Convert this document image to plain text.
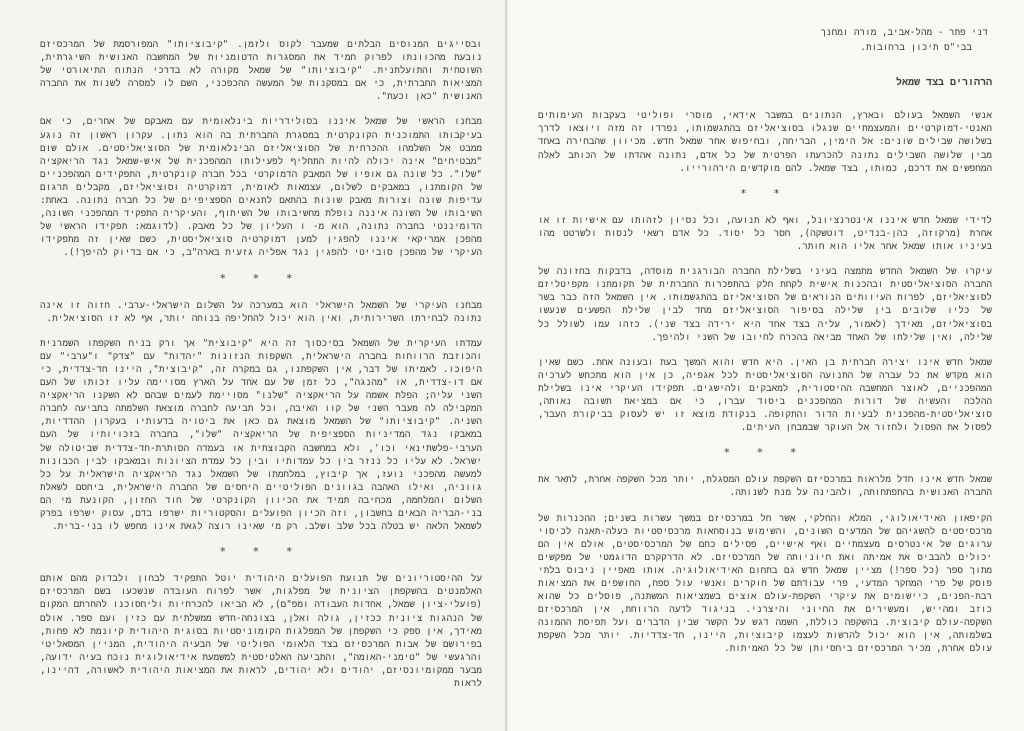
ובסייגים המנוסים הבלתים שמעבר לקוס ולזמן. "קיבוציותו" המפורסמת של המרכסיזם נובעת מהכוונתו לפרוק חמיד את המסגרות הדטומניות של המחשבה האנושית השיגרתית, השוטחית והתועלתנית. "קיבוציותו" של שמאל מקורה לא בדרכי הנתוח התיאורטי של המציאות החברתית, כי אם במסקנות של המעשה ההכפכני, השם לו למסרה לשנות את החברה האנושית "כאן וכעת".

מבחנו הראשי של שמאל איננו בסולידריות בינלאומית עם מאבקם של אחרים, כי אם בעיקבותו התמוכנית הקונקרטית במסגרת החברתית בה הוא נתון. עקרון ראשון זה נוגע ממבט אל השלמהו ההכרחית של הסוציאליזם הבינלאומית של הסוציאליסטים. אולם שום "מבטיחים" אינה יכולה להיות התחליף לפעילותו המהפכנית של איש-שמאל נגד הריאקציה "שלו". כל שונה גם אופיו של המאבק הדמוקרטי בכל חברה קונקרטית, התפקידים המהפכניים של הקומתנו, במאבקים לשלום, עצמאות לאומית, דמוקרטיה וסוציאליזם, מקבלים תרגום עדיפות שונה וצורות מאבק שונות בהתאם לתנאים הספציפיים של כל חברה נתונה. באחת: השיבותו של השונה איננה נופלת מחשיבותו של השיתוף, והעיקריה התפקיד המהפכני השונה, הדומיננטי בחברה נתונה, הוא מ- ו העליון של כל מאבק. (לדוגמא: תפקידו הראשי של מהפכן אמריקאי איננו להפגין למען דמוקרטיה סוציאליסטית, כשם שאין זה מתפקידו העיקרי של מהפכן סובייטי להפגין נגד אפליה גזעית בארה"ב, כי אם בדיוק להיפך!).

* * *

מבחנו העיקרי של השמאל הישראלי הוא במערכה על השלום הישראלי-ערבי. חזוה זו אינה נתונה לבחירתו השרירותית, ואין הוא יכול להחליפה בנוחה יותר, אף לא זו הסוציאלית.

עמדתו העיקרית של השמאל בסיכסוך זה היא "קיבוצית" אך ורק בניח השקפתו השמרנית והכוזבת הרווחות בחברה הישראלית, השקפות הנזונות "יהדות" עם "צדק" ו"ערבי" עם היפוכו. לאמיתו של דבר, אין השקפתנו, גם במקרה זה, "קיבוצית", היינו חד-צדדית, כי אם דו-צדדית, או "מהנגה", כל זמן של עם אחד על הארץ מסויימה עליו זכותו של העם השני עליה; הפלת אשמה על הריאקציה "שלנו" מסויימת לעמים שבהם לא השקנו הריאקציה המקבילה לה מעבר השני של קוו האיבה, וכל תביעה לחברה מוצאת השלמתה בתביעה לחברה השניה. "קיבוציותו" של השמאל מוצאת גם כאן את ביטויה בדעותיו בעקרון ההדדיות, במאבקו נגד המדיניות הספציפית של הריאקציה "שלו", בחברה בזכויותיו של העם הערבי-פלשתינאי וכו', ולא במחשבה הקבוצתית או בעמדה הסותרת-חד-צדדית שביטולה של ישראל. לא עליו כל ננזר בין כל עמדותיו ובין כל עמדת הציונות ובמאבקו לבין הכבונות למעשה מהפכני נועז, אך קיבוץ, במלחמתו של השמאל נגד הריאקציה הישראלית על כל גווניה, ואילו האהבה בגוונים הפוליטיים היחסים של החברה הישראלית, ביחסם לשאלת השלום והמלחמה, מכחיבה תמיד את הכיוון הקונקרטי של חוד החזון, הקונעת מי הם בני-הבריה הבאים בחשבון, וזה הכיון הפועלים והסקטוריות ישרפו בדם, עסוק ישרפו בפרק לשמאל הלאה יש בטלה בכל שלב ושלב. רק מי שאינו רוצה לגאת אינו מחפש לו בני-ברית.

* * *

על ההיסטוריונים של תנועת הפועלים היהודית יוטל התפקיד לבחון ולבדוק מהם אותם האלמנטים בהשקפתן הציונית של מפלגות, אשר לפרוח העובדה שנשכעו בשם המרכסיזם (פועלי-ציון שמאל, אחדות העבודה ומפ"ם), לא הביאו להכרחיות וליחסוכנו להחרתם המקום של הנהגות ציונית ככזין, גולה ואלן, בצונחה-חדש ממשלתית עם כזין ועם ספר. אולם מאידך, אין ספק כי השקפתן של המפלגות הקומוניסטיות בסוגית היהודית קיונמת לא פחות, בפירושם של אבות המרכסיזם בצד הלאומי הפוליטי של הבעיה היהודית, המניין המסאליטי והרגעשי של "טימני-האומה", והתביעה האלטיסטית למשמעת אידיאולוגית נוכח בעיה ידועה, מבער ממקומיונסיזם, יהודים ולא יהודים, לראות את המציאות היהודית לאשורה, דהיינו, לראות

דני פתר - מהל-אביב, מורה ומחנך
בבי"ס תיכון ברחובות.
הרהורים בצד שמאל

אנשי השמאל בעולם ובארץ, הנתונים במשבר אידאי, מוסרי ופוליטי בעקבות העימותים האנטי-דמוקרטיים והמעצמתיים שנגלו בסוציאליזם בהתגשמותו, נפרדו זה מזה ויוצאו לדרך בשלושה שבילים שונים: אל הימין, הבריחה, ובחיפוש אחר שמאל חדש. מכיוון שהבחירה באחד מבין שלושה השבילים נתונה להכרעתו הפרטית של כל אדם, נתונה אהדתו של הכותב לאלה המחפשים את דרכם, כמותו, בצד שמאל. להם מוקדשים הירהורייו.

* *

לדידי שמאל חדש איננו אינטרנציונל, ואף לא תנועה, וכל נסיון לזהותו עם אישיות זו או אחרת (מרקוזה, כהן-בנדיט, דוטשקה), חסר כל יסוד. כל אדם רשאי לנסות ולשרטט מהו בעיניו אותו שמאל אחר אליו הוא חותר.

עיקרו של השמאל החדש מתמצה בעיני בשלילת החברה הבורגנית מוסדה, בדבקות בחזונה של החברה הסוציאליסטית ובהכנות אישית לקחת חלק בהתפכרות החברתית של תקומתנו מקפיטליזם לסוציאליזם, לפרות העיוותים הנוראים של הסוציאליזם בהתגשמותו. אין השמאל הזה כבר בשר של כליו שלובים בין שלילה בסיפור הסוציאליזם מחד לבין שלילת הפשעים שנעשו בסוציאליזם, מאידך (לאמור, עליה בצד אחד היא ירידה בצד שני). כזהו עמו לשולל כל שלילה, ואין שלילתו של האחד מביאה בהכרח לחיובו של השני ולהיפך.

שמאל חדש אינו יצירה חברתית בן האין. היא חדש והוא המשך בעת ובעונה אחת. כשם שאין הוא מקדש את כל עברה של התנועה הסוציאליסטית לכל אגפיה, כן אין הוא מתכחש לערכיה המהפכניים, לאוצר המחשבה ההיסטורית, למאבקים ולהישגים. תפקידו העיקרי אינו בשלילת ההלכה והעשיה של דורות המהפכנים ביסוד עברו, כי אם במציאת תשובה נאותה, סוציאליסטית-מהפכנית לבעיות הדור והתקופה. בנקודת מוצא זו יש לעסוק בביקורת העבר, לפסול את הפסול ולחזור אל העוקר שבמבחן העיתים.

* * *

שמאל חדש אינו חדל מלראות במרכסיזם השקפת עולם המסגלת, יותר מכל השקפה אחרת, לתאר את החברה האנושית בהתפתחותה, ולהבינה על מנת לשנותה.

הקיפאון האידיאולוגי, המלא והחלקי, אשר חל במרכסיזם במשך עשרות בשנים; ההכנרות של מרכסיסטים להשגיהם של המדעים השונים, והשימוש בנוסחאות מרכסיסטיות כעלה-תאנה לכיסוי ערוגים של אינטרסים מעצמתיים ואף אישיים, פסילים כחם של המרכסיסטים, אולם אין הם יכולים להבביס את אמיתה ואת חיוניותה של המרכסיזם. לא הדרקקרם הדוגמטי של מפקשים מתוך ספר (כל ספר!) מציין שמאל חדש גם בתחום האידיאולוגיה. אותו מאפיין ניבוס בלתי פוסק של פרי המחקר המדעי, פרי עבודתם של חוקרים ואנשי עול ספח, החושפים את המציאות רבת-הפנים, כיישומים את עיקרי השקפת-עולם אוצים בשמציאות המשתנה, פוסלים כל שהוא כוזב ומהייש, ומעשירים את החיוני והיצרני. בניגוד לדעה הרווחת, אין המרכסיזם השקפה-עולם קיבוצית. בהשקפה כוללת, השמה דגש על הקשר שבין הדברים ועל תפיסת ההמונה בשלמותה, אין הוא יכול להרשות לעצמו קיבוציות, היינו, חד-צדדיות. יותר מכל השקפת עולם אחרת, מכיר המרכסיזם ביחסיותן של כל האמיתות.
